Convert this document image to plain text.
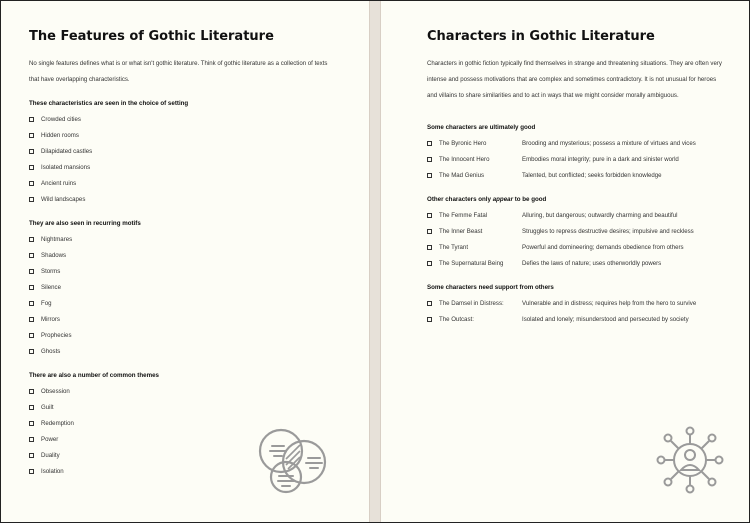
The Features of Gothic Literature

No single features defines what is or what isn't gothic literature. Think of gothic literature as a collection of texts that have overlapping characteristics.

These characteristics are seen in the choice of setting
Crowded cities
Hidden rooms
Dilapidated castles
Isolated mansions
Ancient ruins
Wild landscapes
They are also seen in recurring motifs
Nightmares
Shadows
Storms
Silence
Fog
Mirrors
Prophecies
Ghosts
There are also a number of common themes
Obsession
Guilt
Redemption
Power
Duality
Isolation
Characters in Gothic Literature

Characters in gothic fiction typically find themselves in strange and threatening situations. They are often very intense and possess motivations that are complex and sometimes contradictory. It is not unusual for heroes and villains to share similarities and to act in ways that we might consider morally ambiguous.

Some characters are ultimately good
The Byronic Hero	Brooding and mysterious; possess a mixture of virtues and vices
The Innocent Hero	Embodies moral integrity; pure in a dark and sinister world
The Mad Genius	Talented, but conflicted; seeks forbidden knowledge
Other characters only appear to be good
The Femme Fatal	Alluring, but dangerous; outwardly charming and beautiful
The Inner Beast	Struggles to repress destructive desires; impulsive and reckless
The Tyrant	Powerful and domineering; demands obedience from others
The Supernatural Being	Defies the laws of nature; uses otherworldly powers
Some characters need support from others
The Damsel in Distress:	Vulnerable and in distress; requires help from the hero to survive
The Outcast:	Isolated and lonely; misunderstood and persecuted by society
